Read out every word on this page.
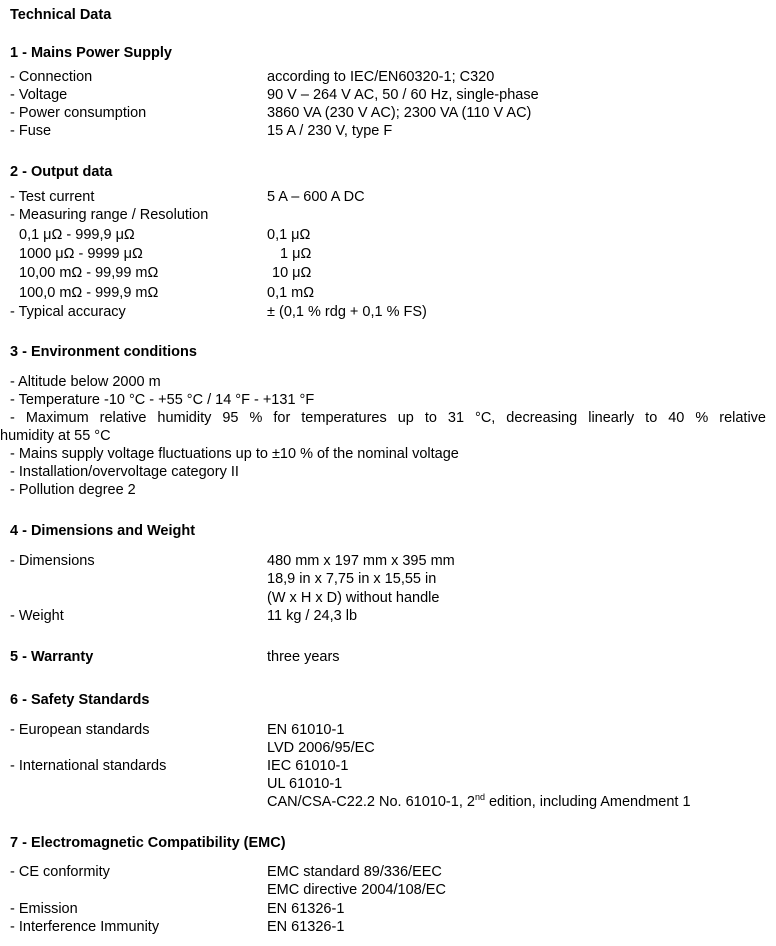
Technical Data
1 - Mains Power Supply
- Connection	according to IEC/EN60320-1; C320
- Voltage	90 V – 264 V AC, 50 / 60 Hz, single-phase
- Power consumption	3860 VA (230 V AC); 2300 VA (110 V AC)
- Fuse	15 A / 230 V, type F
2 - Output data
- Test current	5 A – 600 A DC
- Measuring range / Resolution
0,1 μΩ - 999,9 μΩ	0,1 μΩ
1000 μΩ - 9999 μΩ	1 μΩ
10,00 mΩ - 99,99 mΩ	10 μΩ
100,0 mΩ - 999,9 mΩ	0,1 mΩ
- Typical accuracy	± (0,1 % rdg + 0,1 % FS)
3 - Environment conditions
- Altitude below 2000 m
- Temperature -10 °C - +55 °C / 14 °F - +131 °F
- Maximum relative humidity 95 % for temperatures up to 31 °C, decreasing linearly to 40 % relative
humidity at 55 °C
- Mains supply voltage fluctuations up to ±10 % of the nominal voltage
- Installation/overvoltage category II
- Pollution degree 2
4 - Dimensions and Weight
- Dimensions	480 mm x 197 mm x 395 mm
18,9 in x 7,75 in x 15,55 in
(W x H x D) without handle
- Weight	11 kg / 24,3 lb
5 - Warranty	three years
6 - Safety Standards
- European standards	EN 61010-1
LVD 2006/95/EC
- International standards	IEC 61010-1
UL 61010-1
CAN/CSA-C22.2 No. 61010-1, 2nd edition, including Amendment 1
7 - Electromagnetic Compatibility (EMC)
- CE conformity	EMC standard 89/336/EEC
EMC directive 2004/108/EC
- Emission	EN 61326-1
- Interference Immunity	EN 61326-1
